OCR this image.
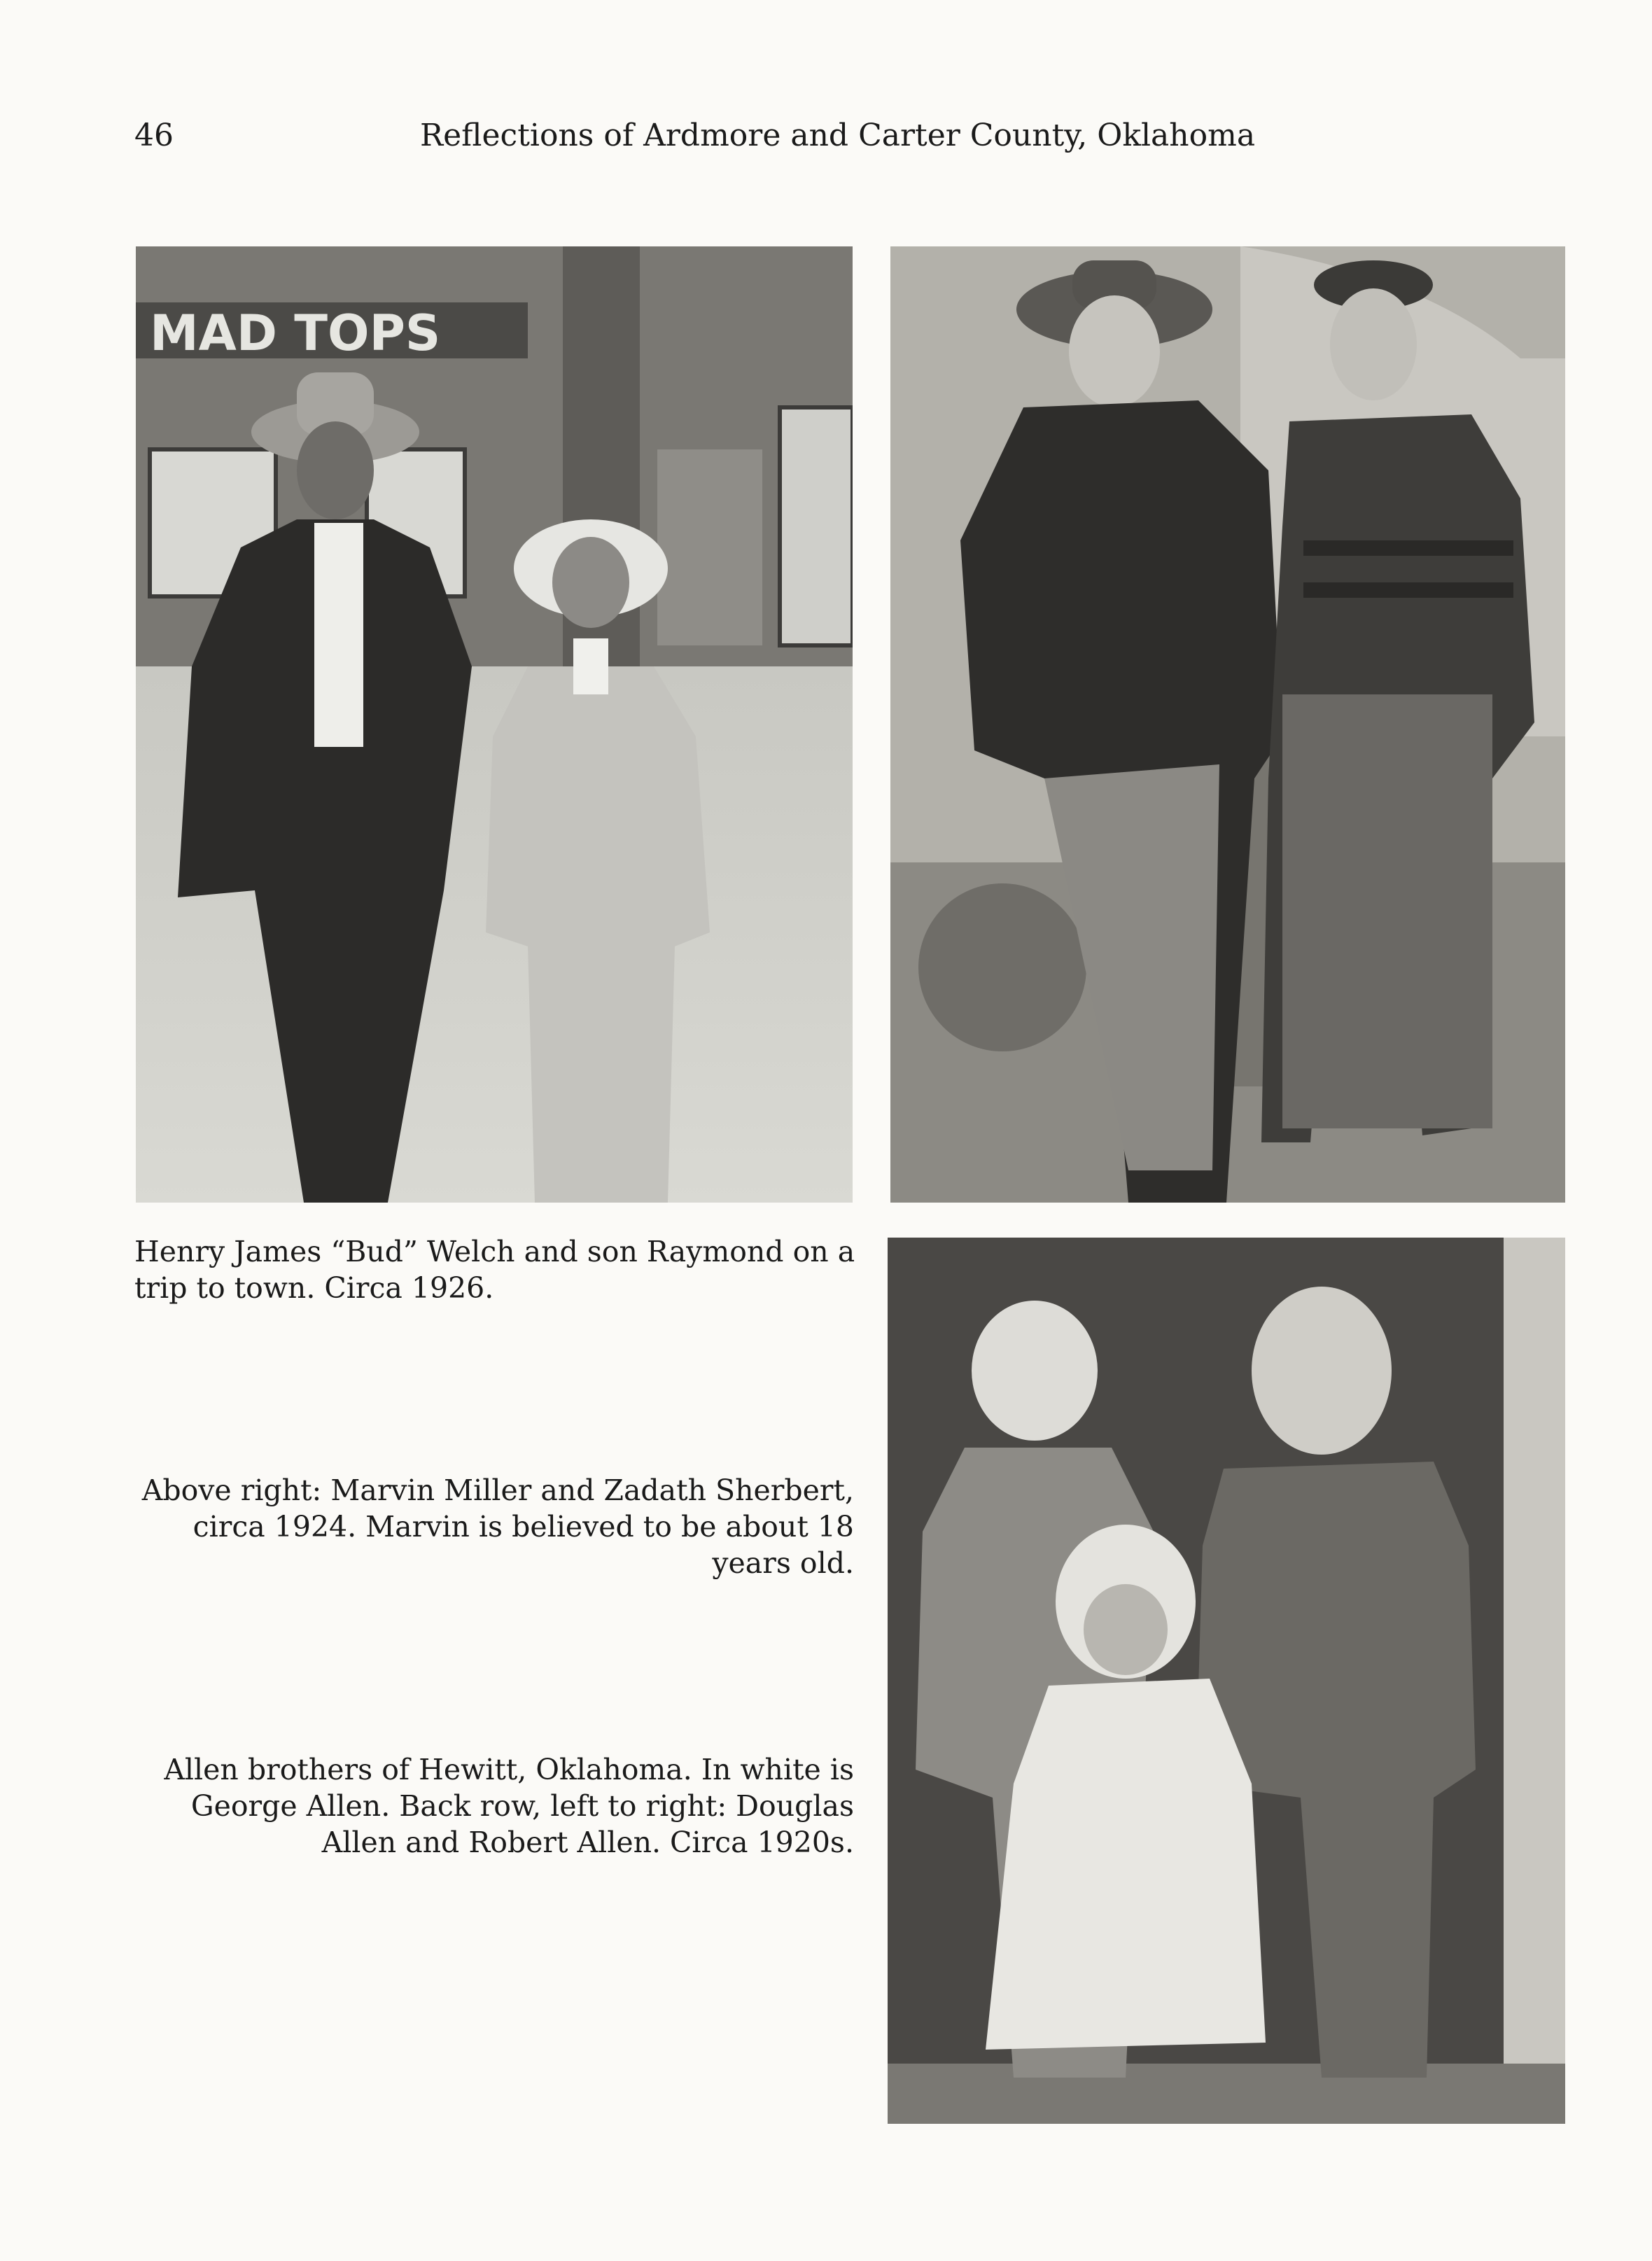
46	Reflections of Ardmore and Carter County, Oklahoma
MAD TOPS

Henry James “Bud” Welch and son Raymond on a trip to town. Circa 1926.

Above right: Marvin Miller and Zadath Sherbert, circa 1924. Marvin is believed to be about 18 years old.

Allen brothers of Hewitt, Oklahoma. In white is George Allen. Back row, left to right: Douglas Allen and Robert Allen. Circa 1920s.
